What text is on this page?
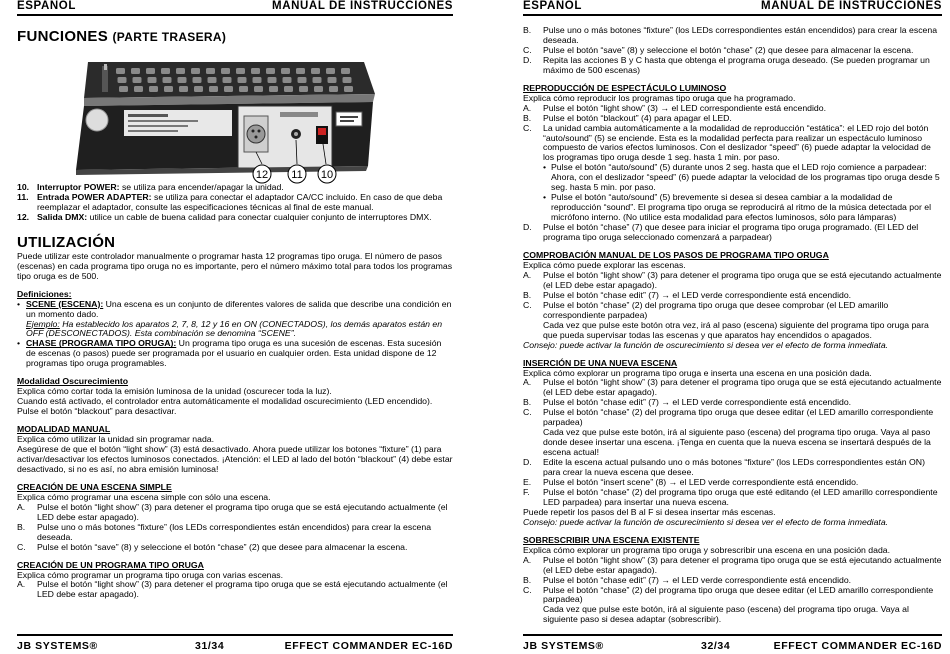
ESPAÑOL	MANUAL DE INSTRUCCIONES

FUNCIONES (PARTE TRASERA)

12 11 10

10. Interruptor POWER: se utiliza para encender/apagar la unidad.

11. Entrada POWER ADAPTER: se utiliza para conectar el adaptador CA/CC incluido. En caso de que deba reemplazar el adaptador, consulte las especificaciones técnicas al final de este manual.

12. Salida DMX: utilice un cable de buena calidad para conectar cualquier conjunto de interruptores DMX.

UTILIZACIÓN

Puede utilizar este controlador manualmente o programar hasta 12 programas tipo oruga. El número de pasos (escenas) en cada programa tipo oruga no es importante, pero el número máximo total para todos los programas tipo oruga es de 500.

Definiciones:

• SCENE (ESCENA): Una escena es un conjunto de diferentes valores de salida que describe una condición en un momento dado.
Ejemplo: Ha establecido los aparatos 2, 7, 8, 12 y 16 en ON (CONECTADOS), los demás aparatos están en OFF (DESCONECTADOS). Esta combinación se denomina “SCENE”.

• CHASE (PROGRAMA TIPO ORUGA): Un programa tipo oruga es una sucesión de escenas. Esta sucesión de escenas (o pasos) puede ser programada por el usuario en cualquier orden. Esta unidad dispone de 12 programas tipo oruga programables.

Modalidad Oscurecimiento

Explica cómo cortar toda la emisión luminosa de la unidad (oscurecer toda la luz).

Cuando está activado, el controlador entra automáticamente el modalidad oscurecimiento (LED encendido). Pulse el botón “blackout” para desactivar.

MODALIDAD MANUAL

Explica cómo utilizar la unidad sin programar nada.

Asegúrese de que el botón “light show” (3) está desactivado. Ahora puede utilizar los botones “fixture” (1) para activar/desactivar los efectos luminosos conectados. ¡Atención: el LED al lado del botón “blackout” (4) debe estar desactivado, si no es así, no abra emisión luminosa!

CREACIÓN DE UNA ESCENA SIMPLE

Explica cómo programar una escena simple con sólo una escena.

A. Pulse el botón “light show” (3) para detener el programa tipo oruga que se está ejecutando actualmente (el LED debe estar apagado).

B. Pulse uno o más botones “fixture” (los LEDs correspondientes están encendidos) para crear la escena deseada.

C. Pulse el botón “save” (8) y seleccione el botón “chase” (2) que desee para almacenar la escena.

CREACIÓN DE UN PROGRAMA TIPO ORUGA

Explica cómo programar un programa tipo oruga con varias escenas.

A. Pulse el botón “light show” (3) para detener el programa tipo oruga que se está ejecutando actualmente (el LED debe estar apagado).

JB SYSTEMS®	31/34	EFFECT COMMANDER EC-16D
ESPAÑOL	MANUAL DE INSTRUCCIONES

B. Pulse uno o más botones “fixture” (los LEDs correspondientes están encendidos) para crear la escena deseada.

C. Pulse el botón “save” (8) y seleccione el botón “chase” (2) que desee para almacenar la escena.

D. Repita las acciones B y C hasta que obtenga el programa oruga deseado. (Se pueden programar un máximo de 500 escenas)

REPRODUCCIÓN DE ESPECTÁCULO LUMINOSO

Explica cómo reproducir los programas tipo oruga que ha programado.

A. Pulse el botón “light show” (3) → el LED correspondiente está encendido.

B. Pulse el botón “blackout” (4) para apagar el LED.

C. La unidad cambia automáticamente a la modalidad de reproducción “estática”: el LED rojo del botón “auto/sound” (5) se enciende. Esta es la modalidad perfecta para realizar un espectáculo luminoso compuesto de varios efectos luminosos. Con el deslizador “speed” (6) puede adaptar la velocidad de los programas tipo oruga desde 1 seg. hasta 1 min. por paso.

• Pulse el botón “auto/sound” (5) durante unos 2 seg. hasta que el LED rojo comience a parpadear: Ahora, con el deslizador “speed” (6) puede adaptar la velocidad de los programas tipo oruga desde 5 seg. hasta 5 min. por paso.

• Pulse el botón “auto/sound” (5) brevemente si desea si desea cambiar a la modalidad de reproducción “sound”. El programa tipo oruga se reproducirá al ritmo de la música detectada por el micrófono interno. (No utilice esta modalidad para efectos luminosos, sólo para lámparas)

D. Pulse el botón “chase” (7) que desee para iniciar el programa tipo oruga programado. (El LED del programa tipo oruga seleccionado comenzará a parpadear)

COMPROBACIÓN MANUAL DE LOS PASOS DE PROGRAMA TIPO ORUGA

Explica cómo puede explorar las escenas.

A. Pulse el botón “light show” (3) para detener el programa tipo oruga que se está ejecutando actualmente (el LED debe estar apagado).

B. Pulse el botón “chase edit” (7) → el LED verde correspondiente está encendido.

C. Pulse el botón “chase” (2) del programa tipo oruga que desee comprobar (el LED amarillo correspondiente parpadea)

Cada vez que pulse este botón otra vez, irá al paso (escena) siguiente del programa tipo oruga para que pueda supervisar todas las escenas y que aparatos hay encendidos o apagados.

Consejo: puede activar la función de oscurecimiento si desea ver el efecto de forma inmediata.

INSERCIÓN DE UNA NUEVA ESCENA

Explica cómo explorar un programa tipo oruga e inserta una escena en una posición dada.

A. Pulse el botón “light show” (3) para detener el programa tipo oruga que se está ejecutando actualmente (el LED debe estar apagado).

B. Pulse el botón “chase edit” (7) → el LED verde correspondiente está encendido.

C. Pulse el botón “chase” (2) del programa tipo oruga que desee editar (el LED amarillo correspondiente parpadea)

Cada vez que pulse este botón, irá al siguiente paso (escena) del programa tipo oruga. Vaya al paso donde desee insertar una escena. ¡Tenga en cuenta que la nueva escena se insertará después de la escena actual!

D. Edite la escena actual pulsando uno o más botones “fixture” (los LEDs correspondientes están ON) para crear la nueva escena que desee.

E. Pulse el botón “insert scene” (8) → el LED verde correspondiente está encendido.

F. Pulse el botón “chase” (2) del programa tipo oruga que esté editando (el LED amarillo correspondiente LED parpadea) para insertar una nueva escena.

Puede repetir los pasos del B al F si desea insertar más escenas.

Consejo: puede activar la función de oscurecimiento si desea ver el efecto de forma inmediata.

SOBRESCRIBIR UNA ESCENA EXISTENTE

Explica cómo explorar un programa tipo oruga y sobrescribir una escena en una posición dada.

A. Pulse el botón “light show” (3) para detener el programa tipo oruga que se está ejecutando actualmente (el LED debe estar apagado).

B. Pulse el botón “chase edit” (7) → el LED verde correspondiente está encendido.

C. Pulse el botón “chase” (2) del programa tipo oruga que desee editar (el LED amarillo correspondiente parpadea)

Cada vez que pulse este botón, irá al siguiente paso (escena) del programa tipo oruga. Vaya al siguiente paso si desea adaptar (sobrescribir).

JB SYSTEMS®	32/34	EFFECT COMMANDER EC-16D
